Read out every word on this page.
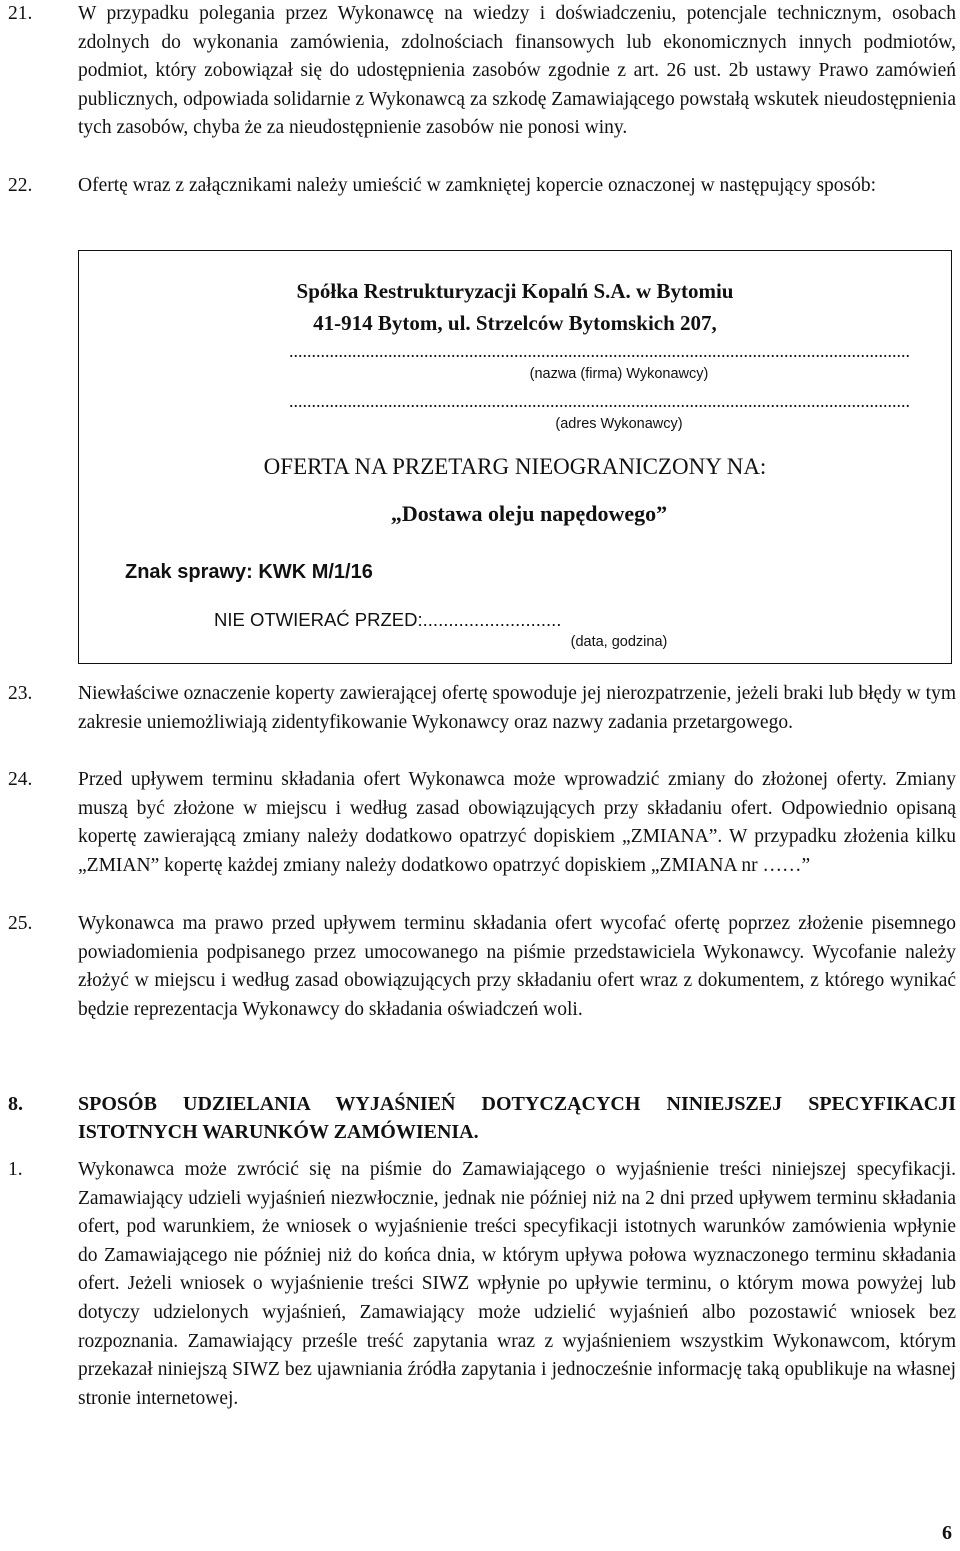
21. W przypadku polegania przez Wykonawcę na wiedzy i doświadczeniu, potencjale technicznym, osobach zdolnych do wykonania zamówienia, zdolnościach finansowych lub ekonomicznych innych podmiotów, podmiot, który zobowiązał się do udostępnienia zasobów zgodnie z art. 26 ust. 2b ustawy Prawo zamówień publicznych, odpowiada solidarnie z Wykonawcą za szkodę Zamawiającego powstałą wskutek nieudostępnienia tych zasobów, chyba że za nieudostępnienie zasobów nie ponosi winy.
22. Ofertę wraz z załącznikami należy umieścić w zamkniętej kopercie oznaczonej w następujący sposób:
Spółka Restrukturyzacji Kopalń S.A. w Bytomiu
41-914 Bytom, ul. Strzelców Bytomskich 207,
..........................................................................................................................................
(nazwa (firma) Wykonawcy)
..........................................................................................................................................
(adres Wykonawcy)
OFERTA NA PRZETARG NIEOGRANICZONY NA:
„Dostawa oleju napędowego”
Znak sprawy: KWK M/1/16
NIE OTWIERAĆ PRZED:...........................
(data, godzina)
23. Niewłaściwe oznaczenie koperty zawierającej ofertę spowoduje jej nierozpatrzenie, jeżeli braki lub błędy w tym zakresie uniemożliwiają zidentyfikowanie Wykonawcy oraz nazwy zadania przetargowego.
24. Przed upływem terminu składania ofert Wykonawca może wprowadzić zmiany do złożonej oferty. Zmiany muszą być złożone w miejscu i według zasad obowiązujących przy składaniu ofert. Odpowiednio opisaną kopertę zawierającą zmiany należy dodatkowo opatrzyć dopiskiem „ZMIANA”. W przypadku złożenia kilku „ZMIAN” kopertę każdej zmiany należy dodatkowo opatrzyć dopiskiem „ZMIANA nr ……”
25. Wykonawca ma prawo przed upływem terminu składania ofert wycofać ofertę poprzez złożenie pisemnego powiadomienia podpisanego przez umocowanego na piśmie przedstawiciela Wykonawcy. Wycofanie należy złożyć w miejscu i według zasad obowiązujących przy składaniu ofert wraz z dokumentem, z którego wynikać będzie reprezentacja Wykonawcy do składania oświadczeń woli.
8.	SPOSÓB UDZIELANIA WYJAŚNIEŃ DOTYCZĄCYCH NINIEJSZEJ SPECYFIKACJI ISTOTNYCH WARUNKÓW ZAMÓWIENIA.
1.	Wykonawca może zwrócić się na piśmie do Zamawiającego o wyjaśnienie treści niniejszej specyfikacji. Zamawiający udzieli wyjaśnień niezwłocznie, jednak nie później niż na 2 dni przed upływem terminu składania ofert, pod warunkiem, że wniosek o wyjaśnienie treści specyfikacji istotnych warunków zamówienia wpłynie do Zamawiającego nie później niż do końca dnia, w którym upływa połowa wyznaczonego terminu składania ofert. Jeżeli wniosek o wyjaśnienie treści SIWZ wpłynie po upływie terminu, o którym mowa powyżej lub dotyczy udzielonych wyjaśnień, Zamawiający może udzielić wyjaśnień albo pozostawić wniosek bez rozpoznania. Zamawiający prześle treść zapytania wraz z wyjaśnieniem wszystkim Wykonawcom, którym przekazał niniejszą SIWZ bez ujawniania źródła zapytania i jednocześnie informację taką opublikuje na własnej stronie internetowej.
6
